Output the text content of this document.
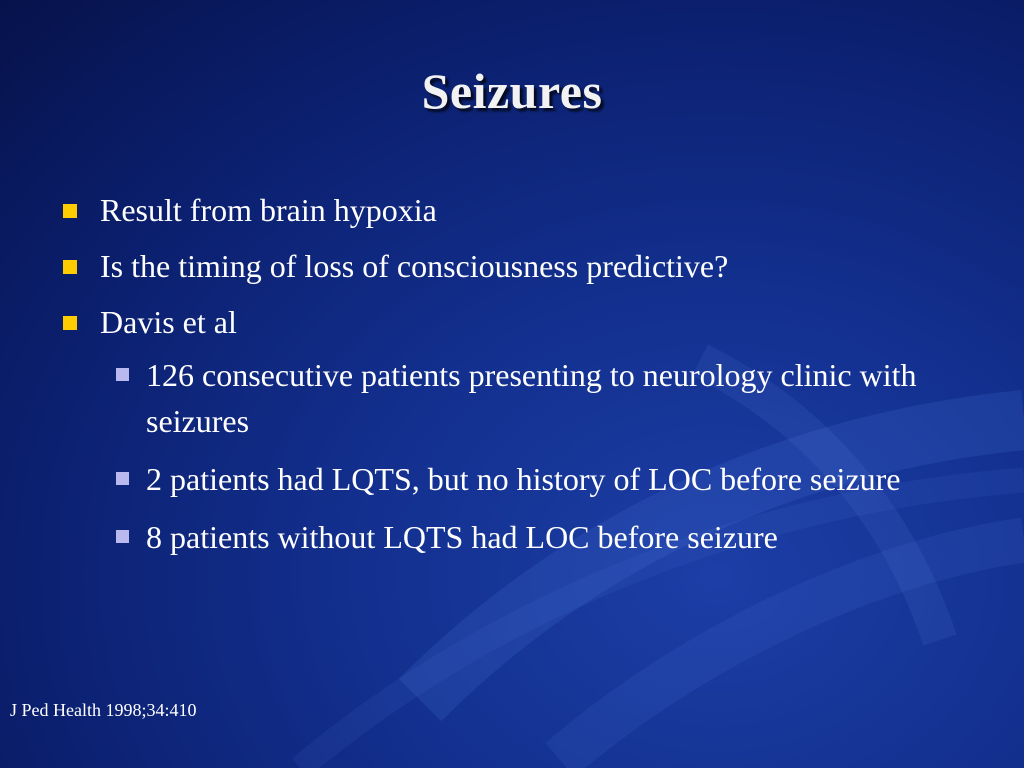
Seizures
Result from brain hypoxia
Is the timing of loss of consciousness predictive?
Davis et al
126 consecutive patients presenting to neurology clinic with seizures
2 patients had LQTS, but no history of LOC before seizure
8 patients without LQTS had LOC before seizure
J Ped Health 1998;34:410
